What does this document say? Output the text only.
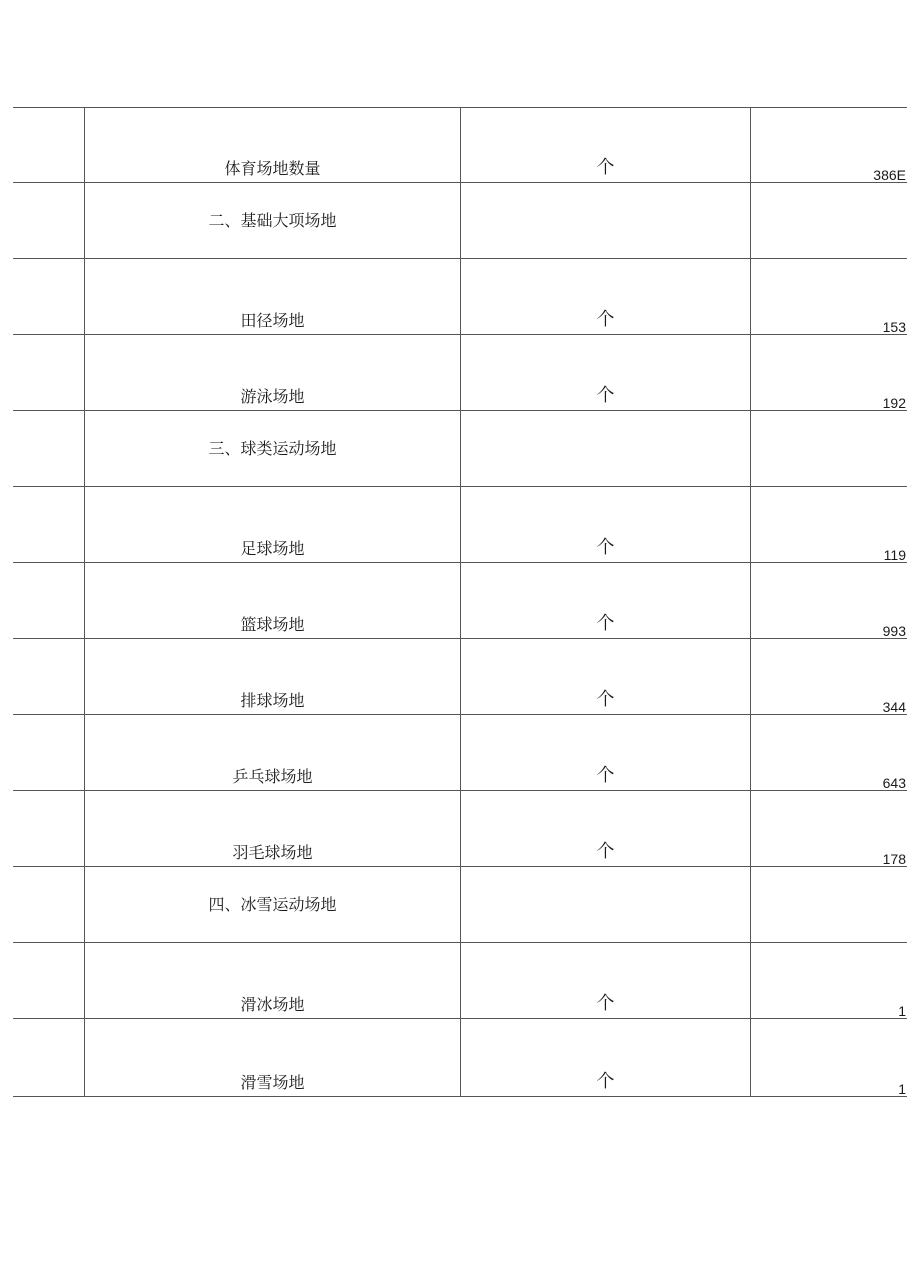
体育场地数量	个	386E
二、基础大项场地
田径场地	个	153
游泳场地	个	192
三、球类运动场地
足球场地	个	119
篮球场地	个	993
排球场地	个	344
乒乓球场地	个	643
羽毛球场地	个	178
四、冰雪运动场地
滑冰场地	个	1
滑雪场地	个	1
